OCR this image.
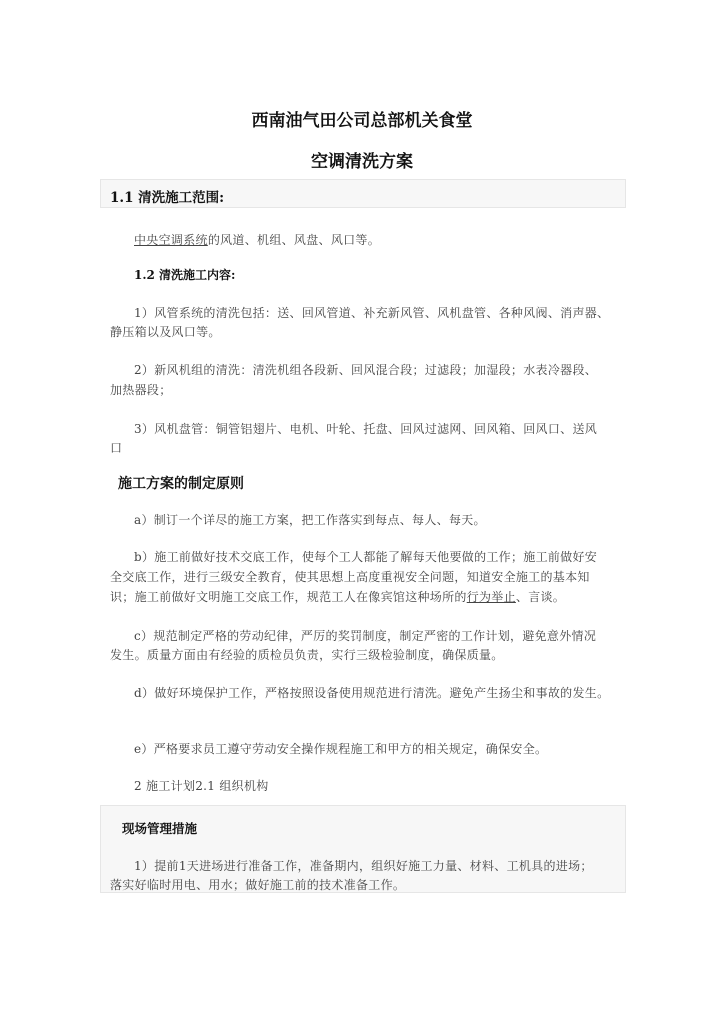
西南油气田公司总部机关食堂
空调清洗方案
1.1 清洗施工范围:
中央空调系统的风道、机组、风盘、风口等。
1.2 清洗施工内容:
1）风管系统的清洗包括：送、回风管道、补充新风管、风机盘管、各种风阀、消声器、
静压箱以及风口等。
2）新风机组的清洗：清洗机组各段新、回风混合段；过滤段；加湿段；水表冷器段、
加热器段；
3）风机盘管：铜管铝翅片、电机、叶轮、托盘、回风过滤网、回风箱、回风口、送风
口
施工方案的制定原则
a）制订一个详尽的施工方案，把工作落实到每点、每人、每天。
b）施工前做好技术交底工作，使每个工人都能了解每天他要做的工作；施工前做好安
全交底工作，进行三级安全教育，使其思想上高度重视安全问题，知道安全施工的基本知
识；施工前做好文明施工交底工作，规范工人在像宾馆这种场所的行为举止、言谈。
c）规范制定严格的劳动纪律，严厉的奖罚制度，制定严密的工作计划，避免意外情况
发生。质量方面由有经验的质检员负责，实行三级检验制度，确保质量。
d）做好环境保护工作，严格按照设备使用规范进行清洗。避免产生扬尘和事故的发生。
e）严格要求员工遵守劳动安全操作规程施工和甲方的相关规定，确保安全。
2 施工计划2.1 组织机构
现场管理措施
1）提前1天进场进行准备工作，准备期内，组织好施工力量、材料、工机具的进场；
落实好临时用电、用水；做好施工前的技术准备工作。
